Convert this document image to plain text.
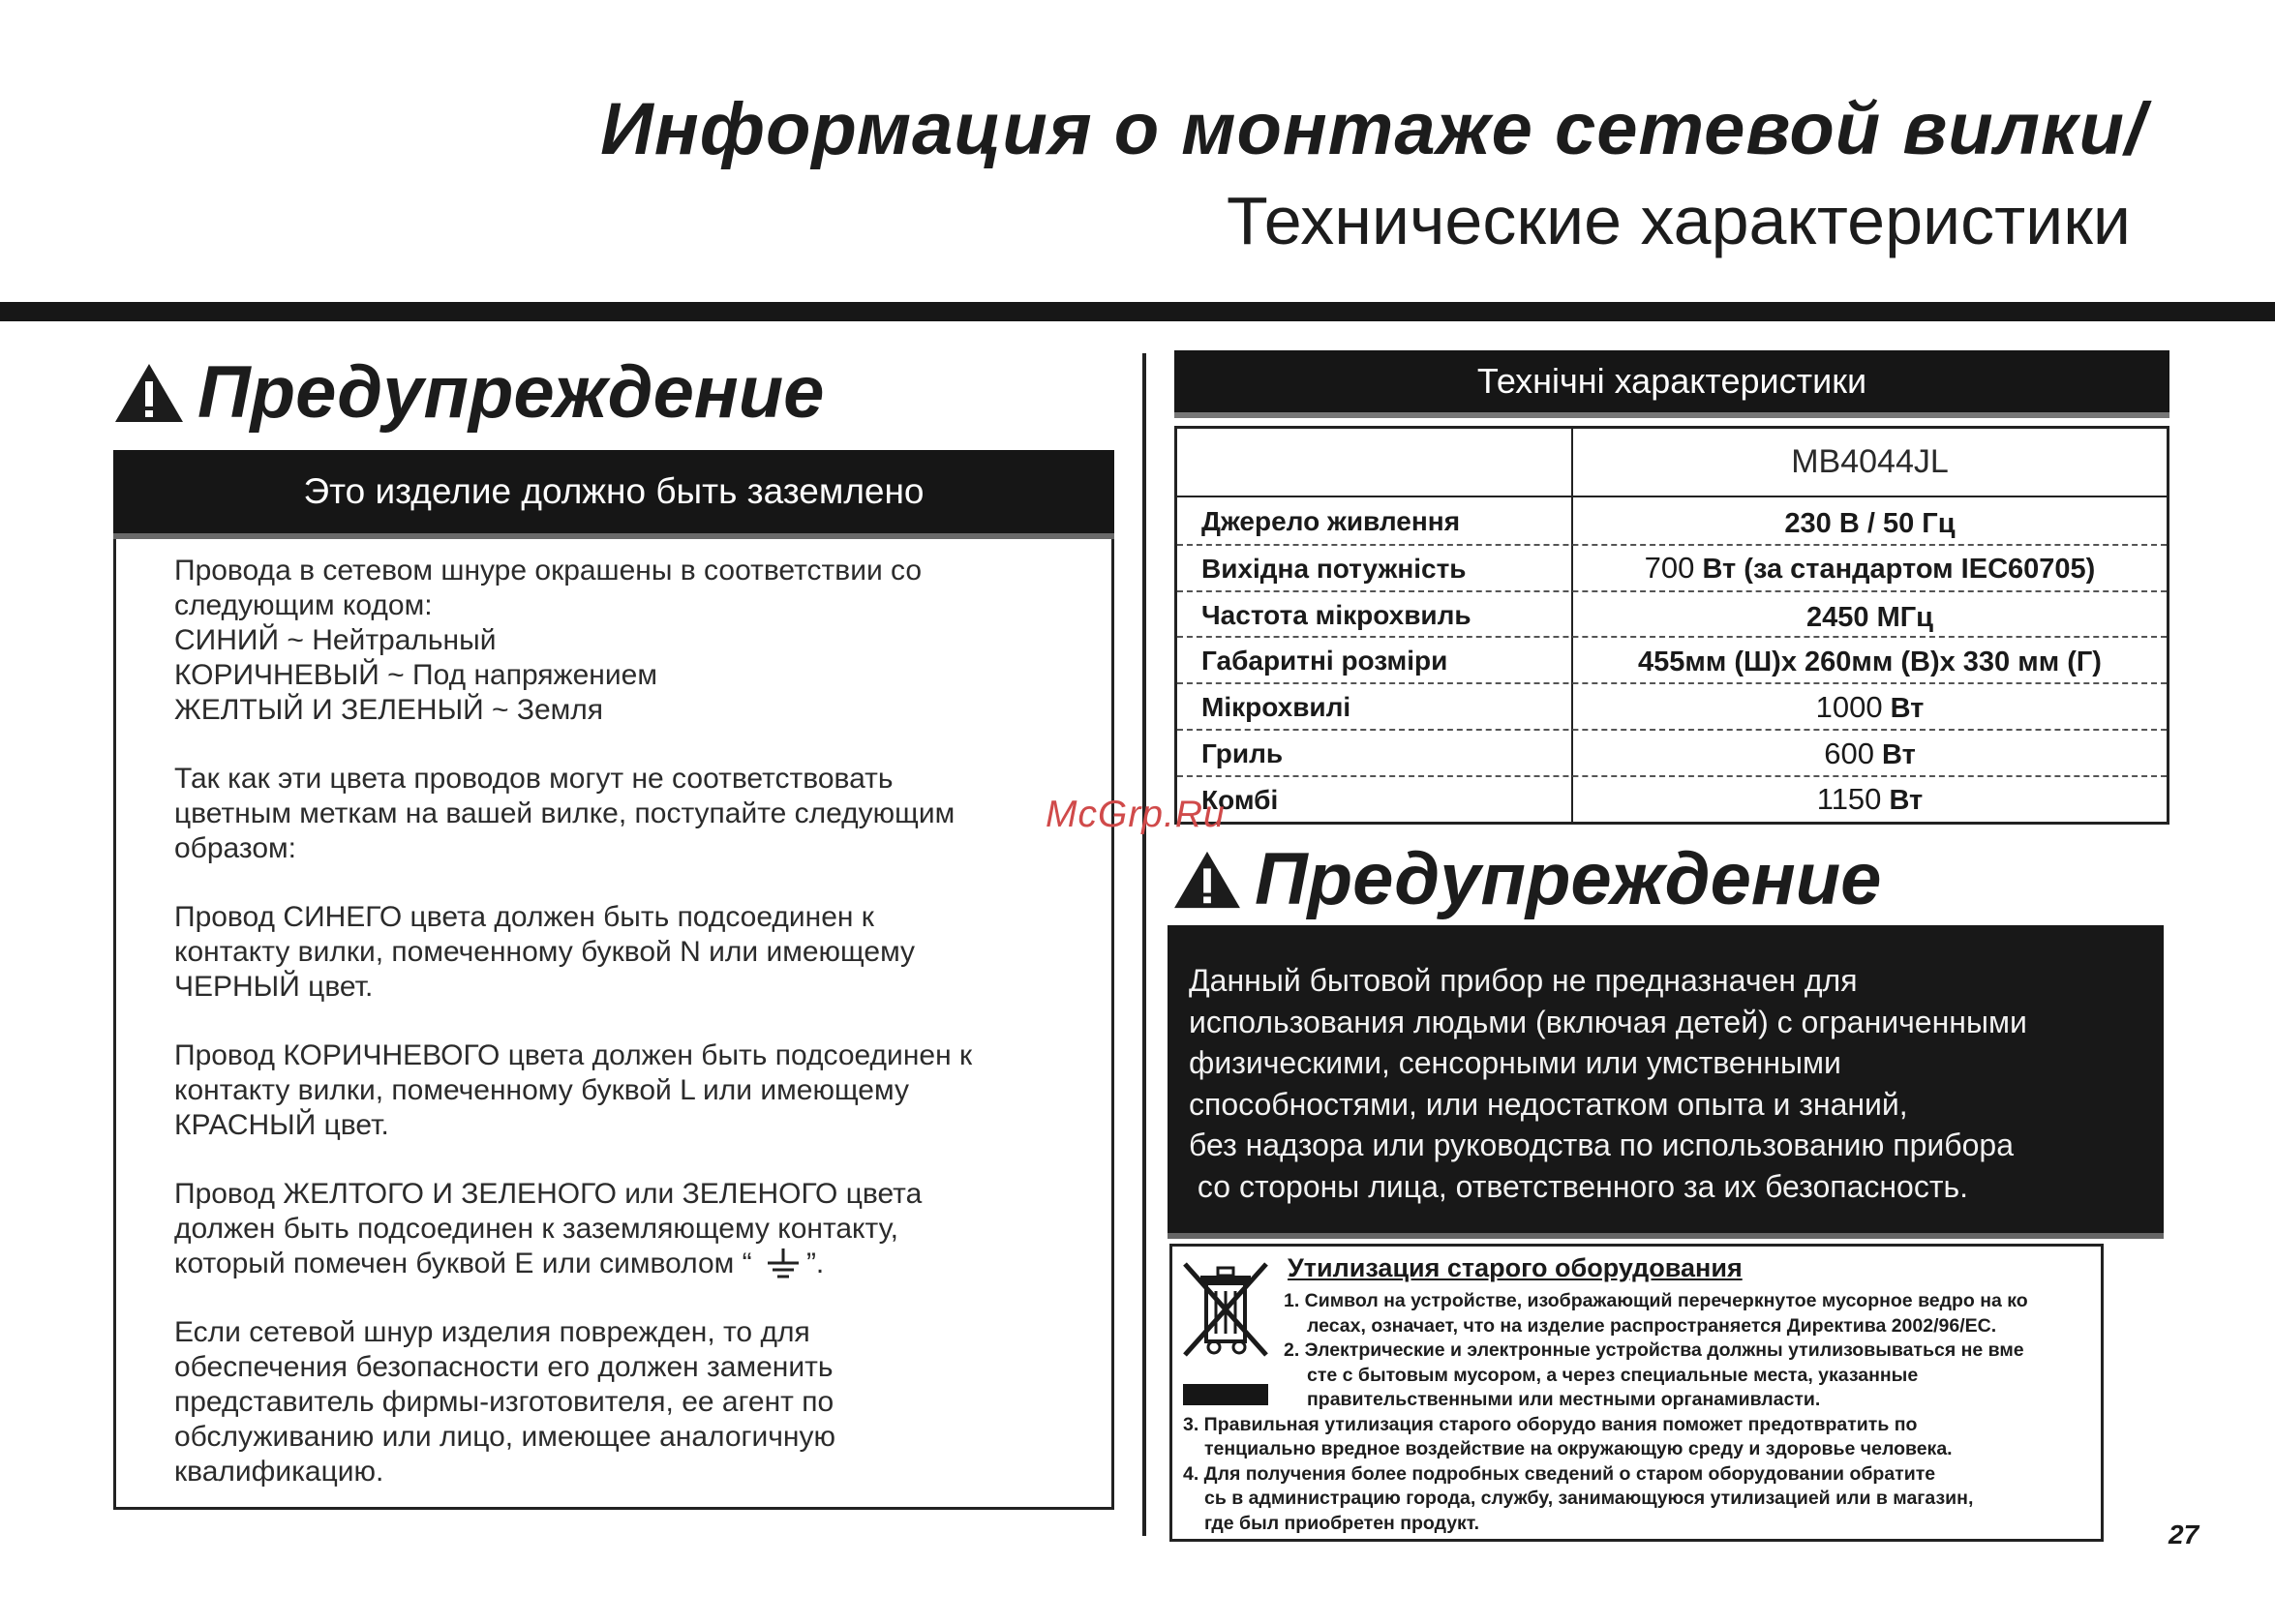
Информация о монтаже сетевой вилки/
Технические характеристики
Предупреждение
Это изделие должно быть заземлено

Провода в сетевом шнуре окрашены в соответствии со
следующим кодом:
СИНИЙ ~ Нейтральный
КОРИЧНЕВЫЙ ~ Под напряжением
ЖЕЛТЫЙ И ЗЕЛЕНЫЙ ~ Земля

Так как эти цвета проводов могут не соответствовать
цветным меткам на вашей вилке, поступайте следующим
образом:

Провод СИНЕГО цвета должен быть подсоединен к
контакту вилки, помеченному буквой N или имеющему
ЧЕРНЫЙ цвет.

Провод КОРИЧНЕВОГО цвета должен быть подсоединен к
контакту вилки, помеченному буквой L или имеющему
КРАСНЫЙ цвет.

Провод ЖЕЛТОГО И ЗЕЛЕНОГО или ЗЕЛЕНОГО цвета
должен быть подсоединен к заземляющему контакту,
который помечен буквой E или символом “ ”.

Если сетевой шнур изделия поврежден, то для
обеспечения безопасности его должен заменить
представитель фирмы-изготовителя, ее агент по
обслуживанию или лицо, имеющее аналогичную
квалификацию.

Технічні характеристики
MB4044JL
Джерело живлення	230 В / 50 Гц
Вихідна потужність	700 Вт (за стандартом IEC60705)
Частота мікрохвиль	2450 МГц
Габаритні розміри	455мм (Ш)x 260мм (В)x 330 мм (Г)
Мікрохвилі	1000 Вт
Гриль	600 Вт
Комбі	1150 Вт
McGrp.Ru
Предупреждение
Данный бытовой прибор не предназначен для
использования людьми (включая детей) с ограниченными
физическими, сенсорными или умственными
способностями, или недостатком опыта и знаний,
без надзора или руководства по использованию прибора
со стороны лица, ответственного за их безопасность.
Утилизация старого оборудования
1. Символ на устройстве, изображающий перечеркнутое мусорное ведро на ко
лесах, означает, что на изделие распространяется Директива 2002/96/EC.
2. Электрические и электронные устройства должны утилизовываться не вме
сте с бытовым мусором, а через специальные места, указанные
правительственными или местными органамивласти.
3. Правильная утилизация старого оборудо вания поможет предотвратить по
тенциально вредное воздействие на окружающую среду и здоровье человека.
4. Для получения более подробных сведений о старом оборудовании обратите
сь в администрацию города, службу, занимающуюся утилизацией или в магазин,
где был приобретен продукт.	27
